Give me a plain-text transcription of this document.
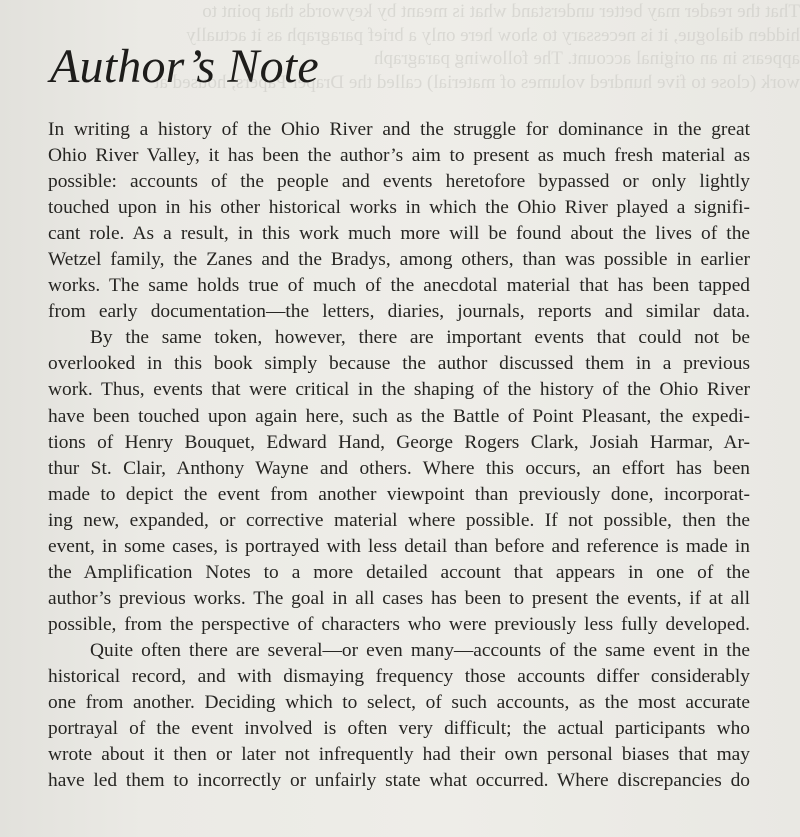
That the reader may better understand what is meant by keywords that point to
hidden dialogue, it is necessary to show here only a brief paragraph as it actually
appears in an original account. The following paragraph
work (close to five hundred volumes of material) called the Draper Papers, housed at
Author’s Note
In writing a history of the Ohio River and the struggle for dominance in the great
Ohio River Valley, it has been the author’s aim to present as much fresh material as
possible: accounts of the people and events heretofore bypassed or only lightly
touched upon in his other historical works in which the Ohio River played a signifi-
cant role. As a result, in this work much more will be found about the lives of the
Wetzel family, the Zanes and the Bradys, among others, than was possible in earlier
works. The same holds true of much of the anecdotal material that has been tapped
from early documentation—the letters, diaries, journals, reports and similar data.
By the same token, however, there are important events that could not be
overlooked in this book simply because the author discussed them in a previous
work. Thus, events that were critical in the shaping of the history of the Ohio River
have been touched upon again here, such as the Battle of Point Pleasant, the expedi-
tions of Henry Bouquet, Edward Hand, George Rogers Clark, Josiah Harmar, Ar-
thur St. Clair, Anthony Wayne and others. Where this occurs, an effort has been
made to depict the event from another viewpoint than previously done, incorporat-
ing new, expanded, or corrective material where possible. If not possible, then the
event, in some cases, is portrayed with less detail than before and reference is made in
the Amplification Notes to a more detailed account that appears in one of the
author’s previous works. The goal in all cases has been to present the events, if at all
possible, from the perspective of characters who were previously less fully developed.
Quite often there are several—or even many—accounts of the same event in the
historical record, and with dismaying frequency those accounts differ considerably
one from another. Deciding which to select, of such accounts, as the most accurate
portrayal of the event involved is often very difficult; the actual participants who
wrote about it then or later not infrequently had their own personal biases that may
have led them to incorrectly or unfairly state what occurred. Where discrepancies do
